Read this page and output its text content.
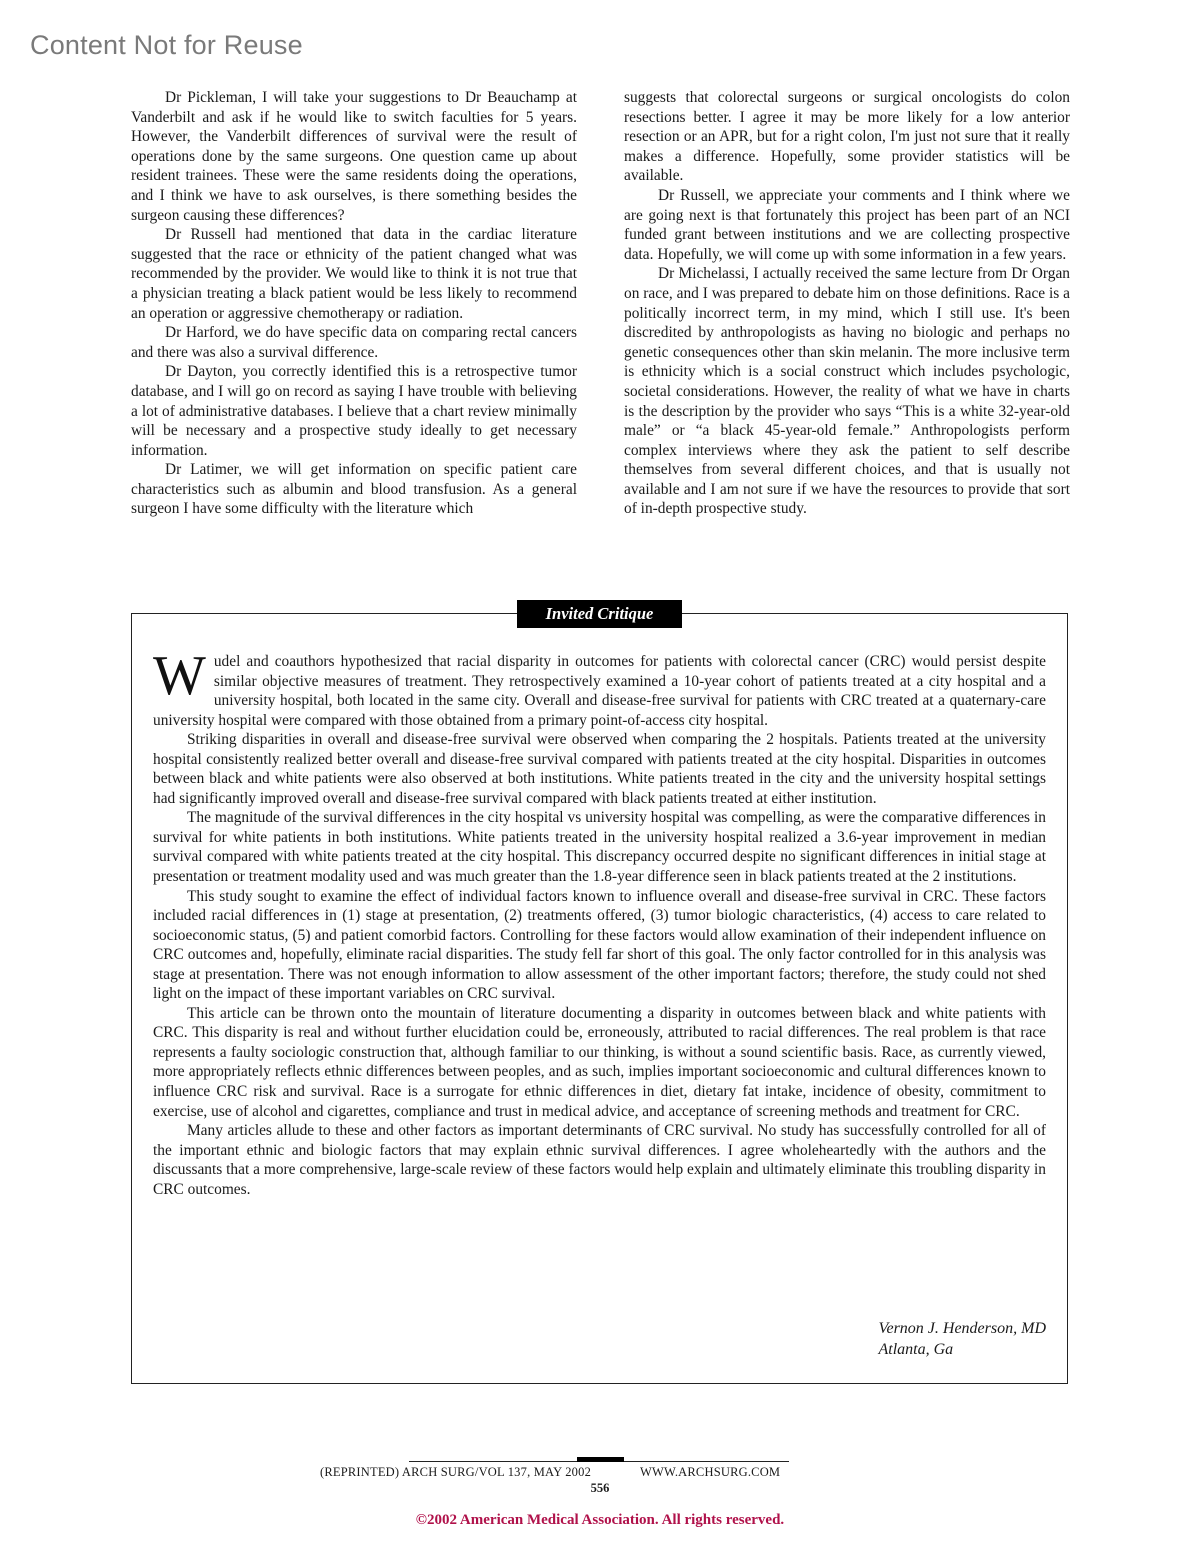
Content Not for Reuse

Dr Pickleman, I will take your suggestions to Dr Beauchamp at Vanderbilt and ask if he would like to switch faculties for 5 years. However, the Vanderbilt differences of survival were the result of operations done by the same surgeons. One question came up about resident trainees. These were the same residents doing the operations, and I think we have to ask ourselves, is there something besides the surgeon causing these differences?

Dr Russell had mentioned that data in the cardiac literature suggested that the race or ethnicity of the patient changed what was recommended by the provider. We would like to think it is not true that a physician treating a black patient would be less likely to recommend an operation or aggressive chemotherapy or radiation.

Dr Harford, we do have specific data on comparing rectal cancers and there was also a survival difference.

Dr Dayton, you correctly identified this is a retrospective tumor database, and I will go on record as saying I have trouble with believing a lot of administrative databases. I believe that a chart review minimally will be necessary and a prospective study ideally to get necessary information.

Dr Latimer, we will get information on specific patient care characteristics such as albumin and blood transfusion. As a general surgeon I have some difficulty with the literature which

suggests that colorectal surgeons or surgical oncologists do colon resections better. I agree it may be more likely for a low anterior resection or an APR, but for a right colon, I'm just not sure that it really makes a difference. Hopefully, some provider statistics will be available.

Dr Russell, we appreciate your comments and I think where we are going next is that fortunately this project has been part of an NCI funded grant between institutions and we are collecting prospective data. Hopefully, we will come up with some information in a few years.

Dr Michelassi, I actually received the same lecture from Dr Organ on race, and I was prepared to debate him on those definitions. Race is a politically incorrect term, in my mind, which I still use. It's been discredited by anthropologists as having no biologic and perhaps no genetic consequences other than skin melanin. The more inclusive term is ethnicity which is a social construct which includes psychologic, societal considerations. However, the reality of what we have in charts is the description by the provider who says “This is a white 32-year-old male” or “a black 45-year-old female.” Anthropologists perform complex interviews where they ask the patient to self describe themselves from several different choices, and that is usually not available and I am not sure if we have the resources to provide that sort of in-depth prospective study.

Invited Critique

Wudel and coauthors hypothesized that racial disparity in outcomes for patients with colorectal cancer (CRC) would persist despite similar objective measures of treatment. They retrospectively examined a 10-year cohort of patients treated at a city hospital and a university hospital, both located in the same city. Overall and disease-free survival for patients with CRC treated at a quaternary-care university hospital were compared with those obtained from a primary point-of-access city hospital.

Striking disparities in overall and disease-free survival were observed when comparing the 2 hospitals. Patients treated at the university hospital consistently realized better overall and disease-free survival compared with patients treated at the city hospital. Disparities in outcomes between black and white patients were also observed at both institutions. White patients treated in the city and the university hospital settings had significantly improved overall and disease-free survival compared with black patients treated at either institution.

The magnitude of the survival differences in the city hospital vs university hospital was compelling, as were the comparative differences in survival for white patients in both institutions. White patients treated in the university hospital realized a 3.6-year improvement in median survival compared with white patients treated at the city hospital. This discrepancy occurred despite no significant differences in initial stage at presentation or treatment modality used and was much greater than the 1.8-year difference seen in black patients treated at the 2 institutions.

This study sought to examine the effect of individual factors known to influence overall and disease-free survival in CRC. These factors included racial differences in (1) stage at presentation, (2) treatments offered, (3) tumor biologic characteristics, (4) access to care related to socioeconomic status, (5) and patient comorbid factors. Controlling for these factors would allow examination of their independent influence on CRC outcomes and, hopefully, eliminate racial disparities. The study fell far short of this goal. The only factor controlled for in this analysis was stage at presentation. There was not enough information to allow assessment of the other important factors; therefore, the study could not shed light on the impact of these important variables on CRC survival.

This article can be thrown onto the mountain of literature documenting a disparity in outcomes between black and white patients with CRC. This disparity is real and without further elucidation could be, erroneously, attributed to racial differences. The real problem is that race represents a faulty sociologic construction that, although familiar to our thinking, is without a sound scientific basis. Race, as currently viewed, more appropriately reflects ethnic differences between peoples, and as such, implies important socioeconomic and cultural differences known to influence CRC risk and survival. Race is a surrogate for ethnic differences in diet, dietary fat intake, incidence of obesity, commitment to exercise, use of alcohol and cigarettes, compliance and trust in medical advice, and acceptance of screening methods and treatment for CRC.

Many articles allude to these and other factors as important determinants of CRC survival. No study has successfully controlled for all of the important ethnic and biologic factors that may explain ethnic survival differences. I agree wholeheartedly with the authors and the discussants that a more comprehensive, large-scale review of these factors would help explain and ultimately eliminate this troubling disparity in CRC outcomes.

Vernon J. Henderson, MD
Atlanta, Ga
(REPRINTED) ARCH SURG/VOL 137, MAY 2002	WWW.ARCHSURG.COM
556
©2002 American Medical Association. All rights reserved.
